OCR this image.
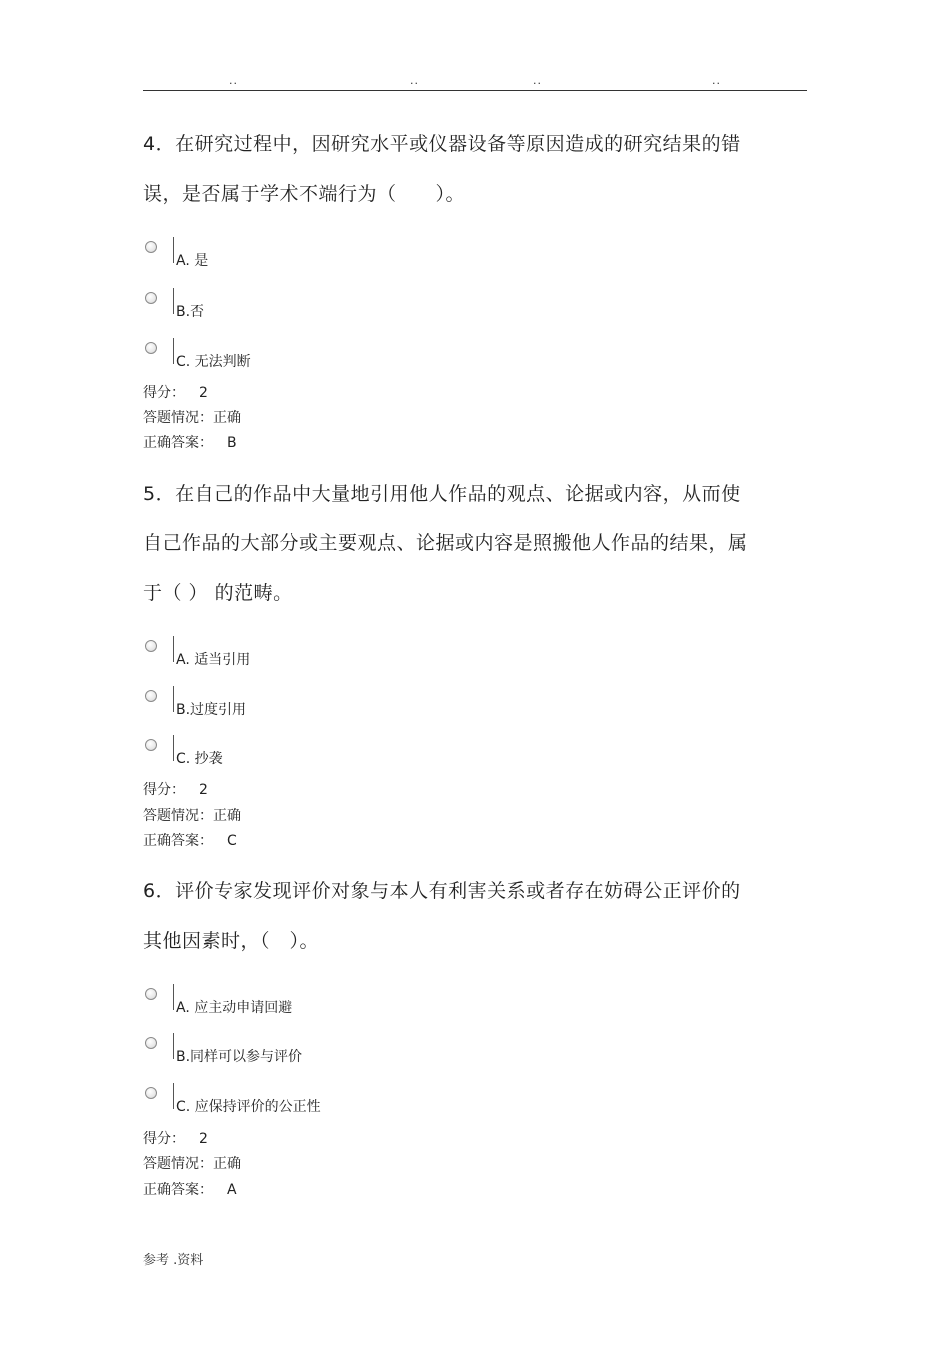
..	..	..	..
4．在研究过程中，因研究水平或仪器设备等原因造成的研究结果的错
误，是否属于学术不端行为（　　）。
A. 是
B.否
C. 无法判断
得分： 2
答题情况：正确
正确答案： B
5．在自己的作品中大量地引用他人作品的观点、论据或内容，从而使
自己作品的大部分或主要观点、论据或内容是照搬他人作品的结果，属
于（ ） 的范畴。
A. 适当引用
B.过度引用
C. 抄袭
得分： 2
答题情况：正确
正确答案： C
6．评价专家发现评价对象与本人有利害关系或者存在妨碍公正评价的
其他因素时，（　）。
A. 应主动申请回避
B.同样可以参与评价
C. 应保持评价的公正性
得分： 2
答题情况：正确
正确答案： A
参考 .资料
